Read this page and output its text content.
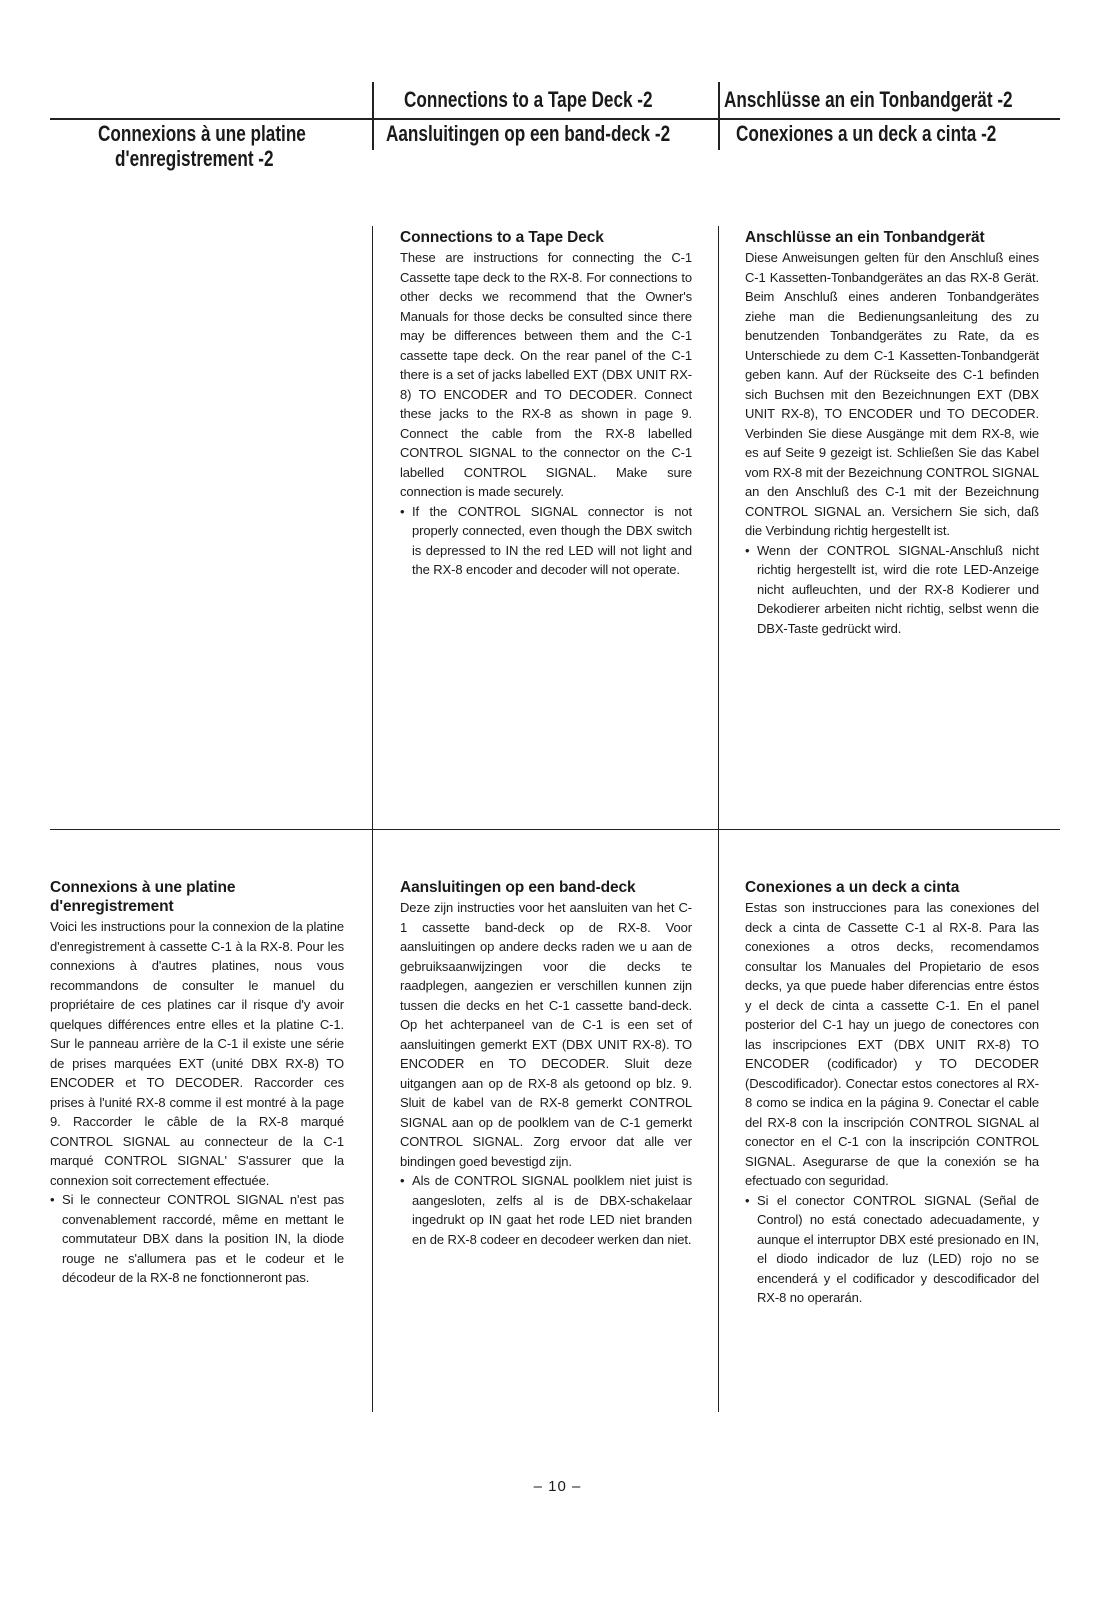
Connections to a Tape Deck -2	Anschlüsse an ein Tonbandgerät -2
Aansluitingen op een band-deck -2	Conexiones a un deck a cinta -2
Connexions à une platine
d'enregistrement -2
Connections to a Tape Deck

These are instructions for connecting the C-1 Cassette tape deck to the RX-8. For connections to other decks we recommend that the Owner's Manuals for those decks be consulted since there may be differences between them and the C-1 cassette tape deck. On the rear panel of the C-1 there is a set of jacks labelled EXT (DBX UNIT RX-8) TO ENCODER and TO DECODER. Connect these jacks to the RX-8 as shown in page 9. Connect the cable from the RX-8 labelled CONTROL SIGNAL to the connector on the C-1 labelled CONTROL SIGNAL. Make sure connection is made securely.

• If the CONTROL SIGNAL connector is not properly connected, even though the DBX switch is depressed to IN the red LED will not light and the RX-8 encoder and decoder will not operate.
Anschlüsse an ein Tonbandgerät

Diese Anweisungen gelten für den Anschluß eines C-1 Kassetten-Tonbandgerätes an das RX-8 Gerät. Beim Anschluß eines anderen Tonbandgerätes ziehe man die Bedienungsanleitung des zu benutzenden Tonbandgerätes zu Rate, da es Unterschiede zu dem C-1 Kassetten-Tonbandgerät geben kann. Auf der Rückseite des C-1 befinden sich Buchsen mit den Bezeichnungen EXT (DBX UNIT RX-8), TO ENCODER und TO DECODER. Verbinden Sie diese Ausgänge mit dem RX-8, wie es auf Seite 9 gezeigt ist. Schließen Sie das Kabel vom RX-8 mit der Bezeichnung CONTROL SIGNAL an den Anschluß des C-1 mit der Bezeichnung CONTROL SIGNAL an. Versichern Sie sich, daß die Verbindung richtig hergestellt ist.

• Wenn der CONTROL SIGNAL-Anschluß nicht richtig hergestellt ist, wird die rote LED-Anzeige nicht aufleuchten, und der RX-8 Kodierer und Dekodierer arbeiten nicht richtig, selbst wenn die DBX-Taste gedrückt wird.
Connexions à une platine
d'enregistrement

Voici les instructions pour la connexion de la platine d'enregistrement à cassette C-1 à la RX-8. Pour les connexions à d'autres platines, nous vous recommandons de consulter le manuel du propriétaire de ces platines car il risque d'y avoir quelques différences entre elles et la platine C-1. Sur le panneau arrière de la C-1 il existe une série de prises marquées EXT (unité DBX RX-8) TO ENCODER et TO DECODER. Raccorder ces prises à l'unité RX-8 comme il est montré à la page 9. Raccorder le câble de la RX-8 marqué CONTROL SIGNAL au connecteur de la C-1 marqué CONTROL SIGNAL' S'assurer que la connexion soit correctement effectuée.

• Si le connecteur CONTROL SIGNAL n'est pas convenablement raccordé, même en mettant le commutateur DBX dans la position IN, la diode rouge ne s'allumera pas et le codeur et le décodeur de la RX-8 ne fonctionneront pas.
Aansluitingen op een band-deck

Deze zijn instructies voor het aansluiten van het C-1 cassette band-deck op de RX-8. Voor aansluitingen op andere decks raden we u aan de gebruiksaanwijzingen voor die decks te raadplegen, aangezien er verschillen kunnen zijn tussen die decks en het C-1 cassette band-deck. Op het achterpaneel van de C-1 is een set of aansluitingen gemerkt EXT (DBX UNIT RX-8). TO ENCODER en TO DECODER. Sluit deze uitgangen aan op de RX-8 als getoond op blz. 9. Sluit de kabel van de RX-8 gemerkt CONTROL SIGNAL aan op de poolklem van de C-1 gemerkt CONTROL SIGNAL. Zorg ervoor dat alle ver bindingen goed bevestigd zijn.

• Als de CONTROL SIGNAL poolklem niet juist is aangesloten, zelfs al is de DBX-schakelaar ingedrukt op IN gaat het rode LED niet branden en de RX-8 codeer en decodeer werken dan niet.
Conexiones a un deck a cinta

Estas son instrucciones para las conexiones del deck a cinta de Cassette C-1 al RX-8. Para las conexiones a otros decks, recomendamos consultar los Manuales del Propietario de esos decks, ya que puede haber diferencias entre éstos y el deck de cinta a cassette C-1. En el panel posterior del C-1 hay un juego de conectores con las inscripciones EXT (DBX UNIT RX-8) TO ENCODER (codificador) y TO DECODER (Descodificador). Conectar estos conectores al RX-8 como se indica en la página 9. Conectar el cable del RX-8 con la inscripción CONTROL SIGNAL al conector en el C-1 con la inscripción CONTROL SIGNAL. Asegurarse de que la conexión se ha efectuado con seguridad.

• Si el conector CONTROL SIGNAL (Señal de Control) no está conectado adecuadamente, y aunque el interruptor DBX esté presionado en IN, el diodo indicador de luz (LED) rojo no se encenderá y el codificador y descodificador del RX-8 no operarán.
– 10 –
